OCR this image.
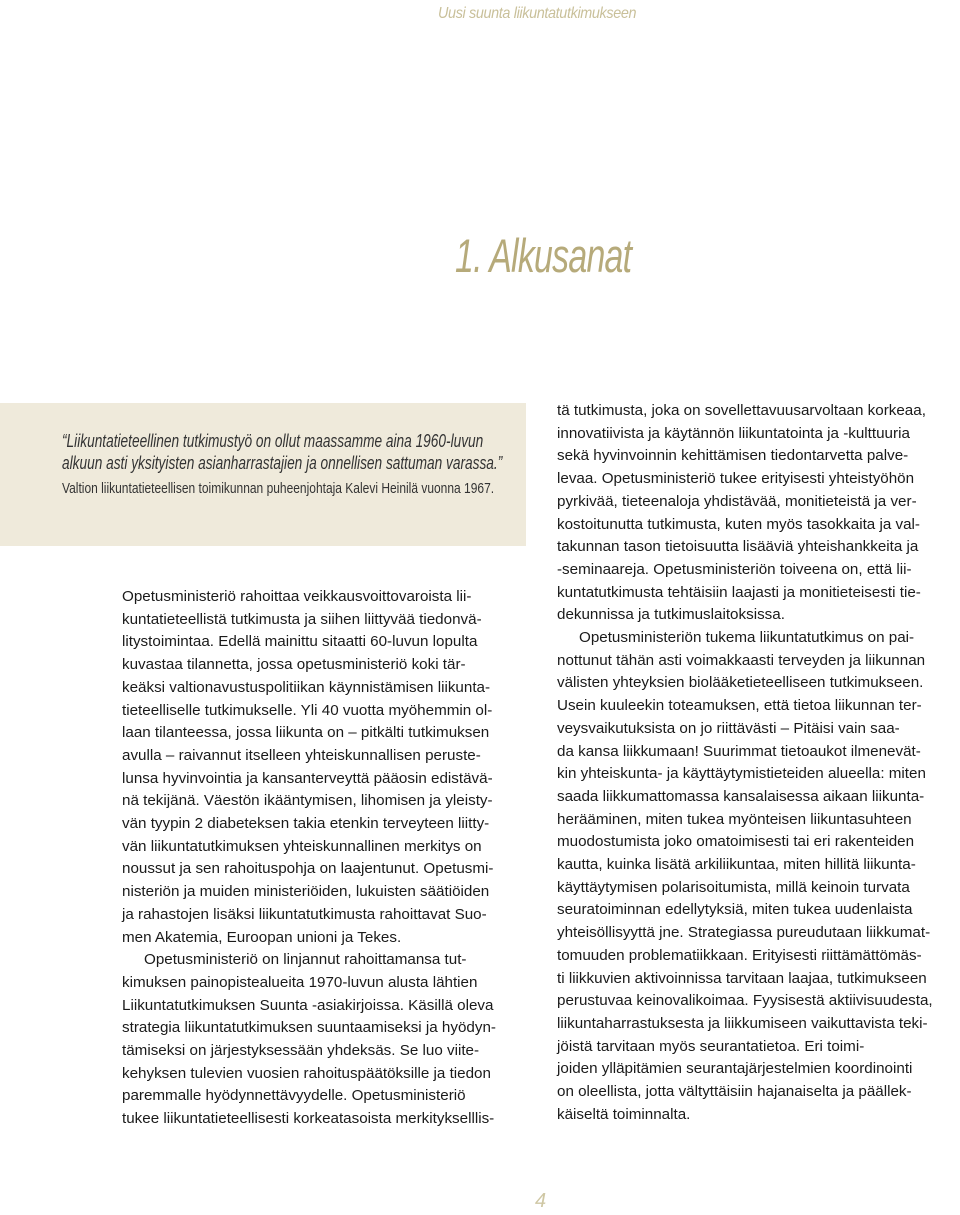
Uusi suunta liikuntatutkimukseen
1. Alkusanat
“Liikuntatieteellinen tutkimustyö on ollut maassamme aina 1960-luvun
alkuun asti yksityisten asianharrastajien ja onnellisen sattuman varassa.”
Valtion liikuntatieteellisen toimikunnan puheenjohtaja Kalevi Heinilä vuonna 1967.
Opetusministeriö rahoittaa veikkausvoittovaroista lii-
kuntatieteellistä tutkimusta ja siihen liittyvää tiedonvä-
litystoimintaa. Edellä mainittu sitaatti 60-luvun lopulta
kuvastaa tilannetta, jossa opetusministeriö koki tär-
keäksi valtionavustuspolitiikan käynnistämisen liikunta-
tieteelliselle tutkimukselle. Yli 40 vuotta myöhemmin ol-
laan tilanteessa, jossa liikunta on – pitkälti tutkimuksen
avulla – raivannut itselleen yhteiskunnallisen peruste-
lunsa hyvinvointia ja kansanterveyttä pääosin edistävä-
nä tekijänä. Väestön ikääntymisen, lihomisen ja yleisty-
vän tyypin 2 diabeteksen takia etenkin terveyteen liitty-
vän liikuntatutkimuksen yhteiskunnallinen merkitys on
noussut ja sen rahoituspohja on laajentunut. Opetusmi-
nisteriön ja muiden ministeriöiden, lukuisten säätiöiden
ja rahastojen lisäksi liikuntatutkimusta rahoittavat Suo-
men Akatemia, Euroopan unioni ja Tekes.
Opetusministeriö on linjannut rahoittamansa tut-
kimuksen painopistealueita 1970-luvun alusta lähtien
Liikuntatutkimuksen Suunta -asiakirjoissa. Käsillä oleva
strategia liikuntatutkimuksen suuntaamiseksi ja hyödyn-
tämiseksi on järjestyksessään yhdeksäs. Se luo viite-
kehyksen tulevien vuosien rahoituspäätöksille ja tiedon
paremmalle hyödynnettävyydelle. Opetusministeriö
tukee liikuntatieteellisesti korkeatasoista merkitykselllis-
tä tutkimusta, joka on sovellettavuusarvoltaan korkeaa,
innovatiivista ja käytännön liikuntatointa ja -kulttuuria
sekä hyvinvoinnin kehittämisen tiedontarvetta palve-
levaa. Opetusministeriö tukee erityisesti yhteistyöhön
pyrkivää, tieteenaloja yhdistävää, monitieteistä ja ver-
kostoitunutta tutkimusta, kuten myös tasokkaita ja val-
takunnan tason tietoisuutta lisääviä yhteishankkeita ja
-seminaareja. Opetusministeriön toiveena on, että lii-
kuntatutkimusta tehtäisiin laajasti ja monitieteisesti tie-
dekunnissa ja tutkimuslaitoksissa.
Opetusministeriön tukema liikuntatutkimus on pai-
nottunut tähän asti voimakkaasti terveyden ja liikunnan
välisten yhteyksien biolääketieteelliseen tutkimukseen.
Usein kuuleekin toteamuksen, että tietoa liikunnan ter-
veysvaikutuksista on jo riittävästi – Pitäisi vain saa-
da kansa liikkumaan! Suurimmat tietoaukot ilmenevät-
kin yhteiskunta- ja käyttäytymistieteiden alueella: miten
saada liikkumattomassa kansalaisessa aikaan liikunta-
herääminen, miten tukea myönteisen liikuntasuhteen
muodostumista joko omatoimisesti tai eri rakenteiden
kautta, kuinka lisätä arkiliikuntaa, miten hillitä liikunta-
käyttäytymisen polarisoitumista, millä keinoin turvata
seuratoiminnan edellytyksiä, miten tukea uudenlaista
yhteisöllisyyttä jne. Strategiassa pureudutaan liikkumat-
tomuuden problematiikkaan. Erityisesti riittämättömäs-
ti liikkuvien aktivoinnissa tarvitaan laajaa, tutkimukseen
perustuvaa keinovalikoimaa. Fyysisestä aktiivisuudesta,
liikuntaharrastuksesta ja liikkumiseen vaikuttavista teki-
jöistä tarvitaan myös seurantatietoa. Eri toimi-
joiden ylläpitämien seurantajärjestelmien koordinointi
on oleellista, jotta vältyttäisiin hajanaiselta ja päällek-
käiseltä toiminnalta.
4
